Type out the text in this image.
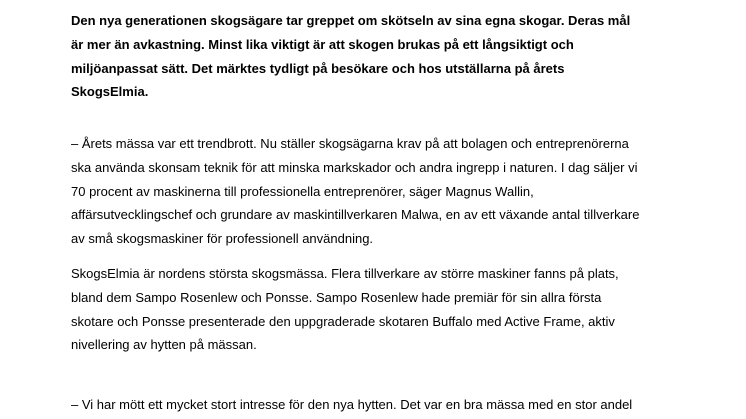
Den nya generationen skogsägare tar greppet om skötseln av sina egna skogar. Deras mål
är mer än avkastning. Minst lika viktigt är att skogen brukas på ett långsiktigt och
miljöanpassat sätt. Det märktes tydligt på besökare och hos utställarna på årets
SkogsElmia.
– Årets mässa var ett trendbrott. Nu ställer skogsägarna krav på att bolagen och entreprenörerna
ska använda skonsam teknik för att minska markskador och andra ingrepp i naturen. I dag säljer vi
70 procent av maskinerna till professionella entreprenörer, säger Magnus Wallin,
affärsutvecklingschef och grundare av maskintillverkaren Malwa, en av ett växande antal tillverkare
av små skogsmaskiner för professionell användning.
SkogsElmia är nordens största skogsmässa. Flera tillverkare av större maskiner fanns på plats,
bland dem Sampo Rosenlew och Ponsse. Sampo Rosenlew hade premiär för sin allra första
skotare och Ponsse presenterade den uppgraderade skotaren Buffalo med Active Frame, aktiv
nivellering av hytten på mässan.
– Vi har mött ett mycket stort intresse för den nya hytten. Det var en bra mässa med en stor andel
